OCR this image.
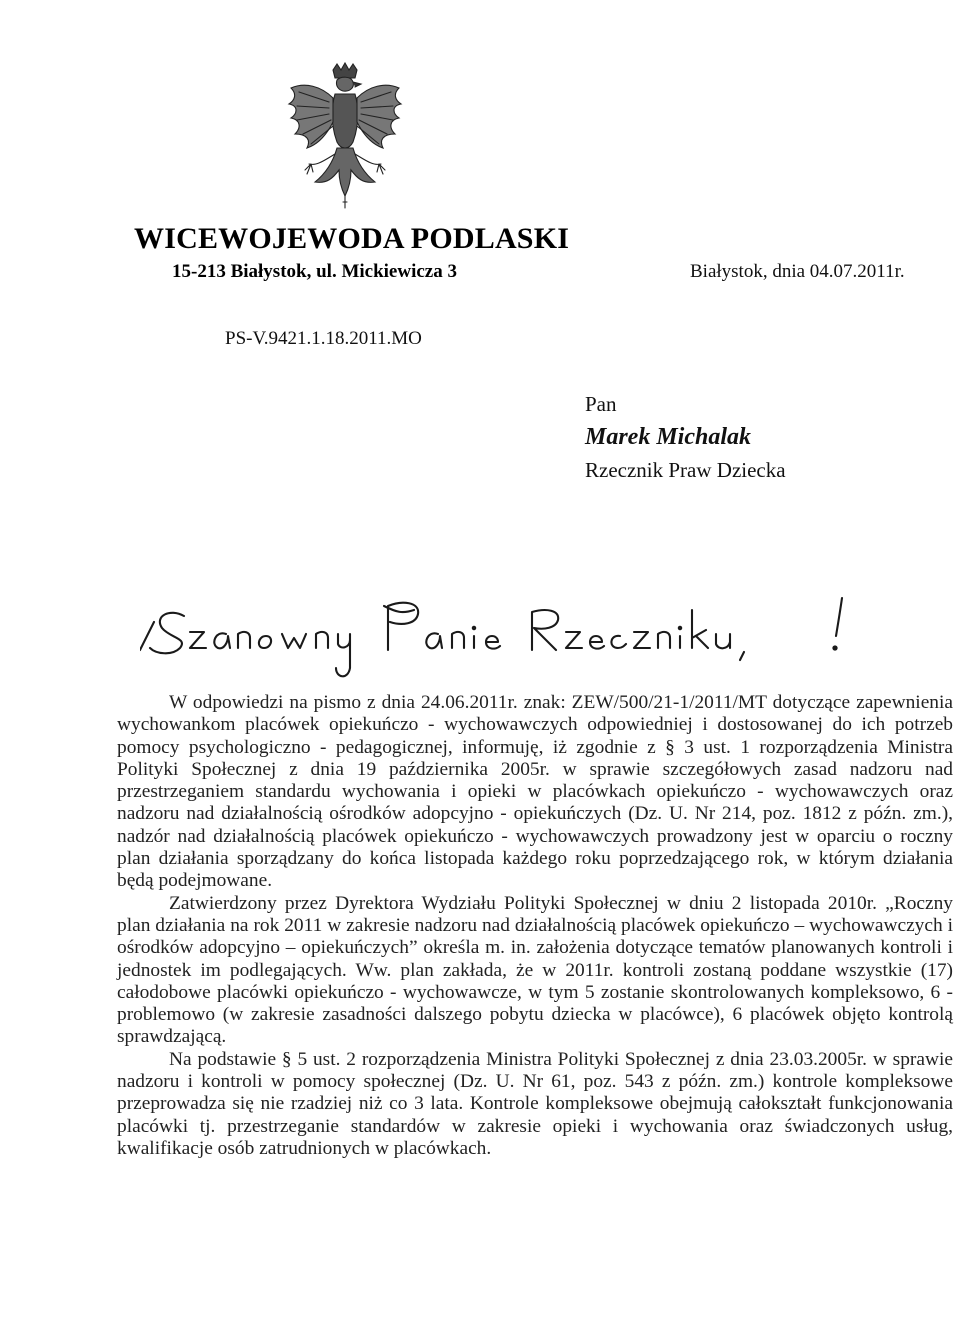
WICEWOJEWODA PODLASKI
15-213 Białystok, ul. Mickiewicza 3	Białystok, dnia 04.07.2011r.
PS-V.9421.1.18.2011.MO
Pan
Marek Michalak
Rzecznik Praw Dziecka

W odpowiedzi na pismo z dnia 24.06.2011r. znak: ZEW/500/21-1/2011/MT dotyczące zapewnienia wychowankom placówek opiekuńczo - wychowawczych odpowiedniej i dostosowanej do ich potrzeb pomocy psychologiczno - pedagogicznej, informuję, iż zgodnie z § 3 ust. 1 rozporządzenia Ministra Polityki Społecznej z dnia 19 października 2005r. w sprawie szczegółowych zasad nadzoru nad przestrzeganiem standardu wychowania i opieki w placówkach opiekuńczo - wychowawczych oraz nadzoru nad działalnością ośrodków adopcyjno - opiekuńczych (Dz. U. Nr 214, poz. 1812 z późn. zm.), nadzór nad działalnością placówek opiekuńczo - wychowawczych prowadzony jest w oparciu o roczny plan działania sporządzany do końca listopada każdego roku poprzedzającego rok, w którym działania będą podejmowane.

Zatwierdzony przez Dyrektora Wydziału Polityki Społecznej w dniu 2 listopada 2010r. „Roczny plan działania na rok 2011 w zakresie nadzoru nad działalnością placówek opiekuńczo – wychowawczych i ośrodków adopcyjno – opiekuńczych” określa m. in. założenia dotyczące tematów planowanych kontroli i jednostek im podlegających. Ww. plan zakłada, że w 2011r. kontroli zostaną poddane wszystkie (17) całodobowe placówki opiekuńczo - wychowawcze, w tym 5 zostanie skontrolowanych kompleksowo, 6 - problemowo (w zakresie zasadności dalszego pobytu dziecka w placówce), 6 placówek objęto kontrolą sprawdzającą.

Na podstawie § 5 ust. 2 rozporządzenia Ministra Polityki Społecznej z dnia 23.03.2005r. w sprawie nadzoru i kontroli w pomocy społecznej (Dz. U. Nr 61, poz. 543 z późn. zm.) kontrole kompleksowe przeprowadza się nie rzadziej niż co 3 lata. Kontrole kompleksowe obejmują całokształt funkcjonowania placówki tj. przestrzeganie standardów w zakresie opieki i wychowania oraz świadczonych usług, kwalifikacje osób zatrudnionych w placówkach.
